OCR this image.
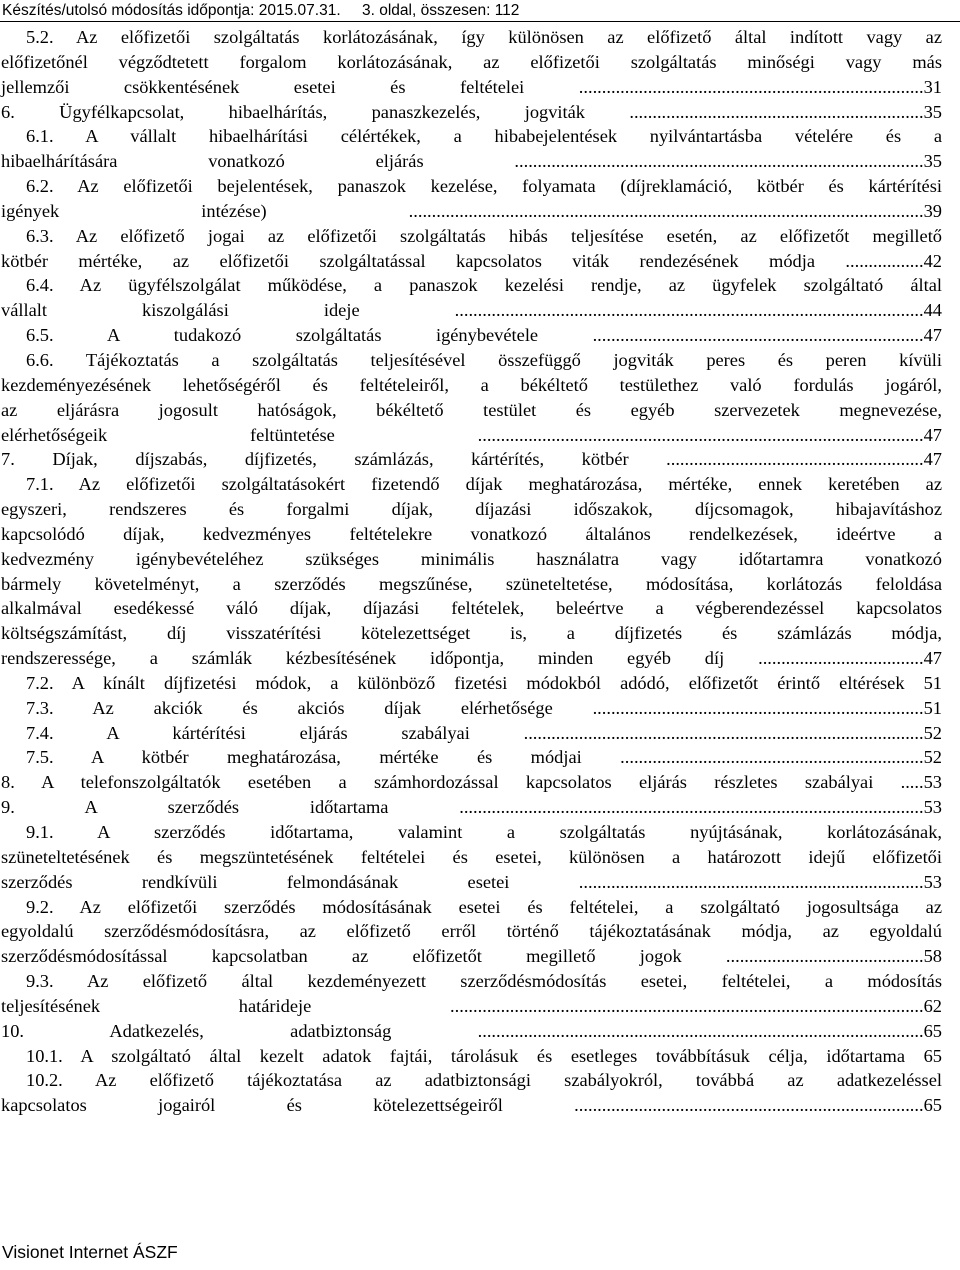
Készítés/utolsó módosítás időpontja: 2015.07.31. 3. oldal, összesen: 112
5.2. Az előfizetői szolgáltatás korlátozásának, így különösen az előfizető által indított vagy az
előfizetőnél végződtetett forgalom korlátozásának, az előfizetői szolgáltatás minőségi vagy más
jellemzői csökkentésének esetei és feltételei ...........................................................................31
6. Ügyfélkapcsolat, hibaelhárítás, panaszkezelés, jogviták ................................................................35
6.1. A vállalt hibaelhárítási célértékek, a hibabejelentések nyilvántartásba vételére és a
hibaelhárítására vonatkozó eljárás .........................................................................................35
6.2. Az előfizetői bejelentések, panaszok kezelése, folyamata (díjreklamáció, kötbér és kártérítési
igények intézése) ................................................................................................................39
6.3. Az előfizető jogai az előfizetői szolgáltatás hibás teljesítése esetén, az előfizetőt megillető
kötbér mértéke, az előfizetői szolgáltatással kapcsolatos viták rendezésének módja .................42
6.4. Az ügyfélszolgálat működése, a panaszok kezelési rendje, az ügyfelek szolgáltató által
vállalt kiszolgálási ideje ......................................................................................................44
6.5. A tudakozó szolgáltatás igénybevétele ........................................................................47
6.6. Tájékoztatás a szolgáltatás teljesítésével összefüggő jogviták peres és peren kívüli
kezdeményezésének lehetőségéről és feltételeiről, a békéltető testülethez való fordulás jogáról,
az eljárásra jogosult hatóságok, békéltető testület és egyéb szervezetek megnevezése,
elérhetőségeik feltüntetése .................................................................................................47
7. Díjak, díjszabás, díjfizetés, számlázás, kártérítés, kötbér ........................................................47
7.1. Az előfizetői szolgáltatásokért fizetendő díjak meghatározása, mértéke, ennek keretében az
egyszeri, rendszeres és forgalmi díjak, díjazási időszakok, díjcsomagok, hibajavításhoz
kapcsolódó díjak, kedvezményes feltételekre vonatkozó általános rendelkezések, ideértve a
kedvezmény igénybevételéhez szükséges minimális használatra vagy időtartamra vonatkozó
bármely követelményt, a szerződés megszűnése, szüneteltetése, módosítása, korlátozás feloldása
alkalmával esedékessé váló díjak, díjazási feltételek, beleértve a végberendezéssel kapcsolatos
költségszámítást, díj visszatérítési kötelezettséget is, a díjfizetés és számlázás módja,
rendszeressége, a számlák kézbesítésének időpontja, minden egyéb díj ....................................47
7.2. A kínált díjfizetési módok, a különböző fizetési módokból adódó, előfizetőt érintő eltérések 51
7.3. Az akciók és akciós díjak elérhetősége ........................................................................51
7.4. A kártérítési eljárás szabályai .......................................................................................52
7.5. A kötbér meghatározása, mértéke és módjai ..................................................................52
8. A telefonszolgáltatók esetében a számhordozással kapcsolatos eljárás részletes szabályai .....53
9. A szerződés időtartama .....................................................................................................53
9.1. A szerződés időtartama, valamint a szolgáltatás nyújtásának, korlátozásának,
szüneteltetésének és megszüntetésének feltételei és esetei, különösen a határozott idejű előfizetői
szerződés rendkívüli felmondásának esetei ...........................................................................53
9.2. Az előfizetői szerződés módosításának esetei és feltételei, a szolgáltató jogosultsága az
egyoldalú szerződésmódosításra, az előfizető erről történő tájékoztatásának módja, az egyoldalú
szerződésmódosítással kapcsolatban az előfizetőt megillető jogok ...........................................58
9.3. Az előfizető által kezdeményezett szerződésmódosítás esetei, feltételei, a módosítás
teljesítésének határideje .......................................................................................................62
10. Adatkezelés, adatbiztonság .................................................................................................65
10.1. A szolgáltató által kezelt adatok fajtái, tárolásuk és esetleges továbbításuk célja, időtartama 65
10.2. Az előfizető tájékoztatása az adatbiztonsági szabályokról, továbbá az adatkezeléssel
kapcsolatos jogairól és kötelezettségeiről ............................................................................65
Visionet Internet ÁSZF
